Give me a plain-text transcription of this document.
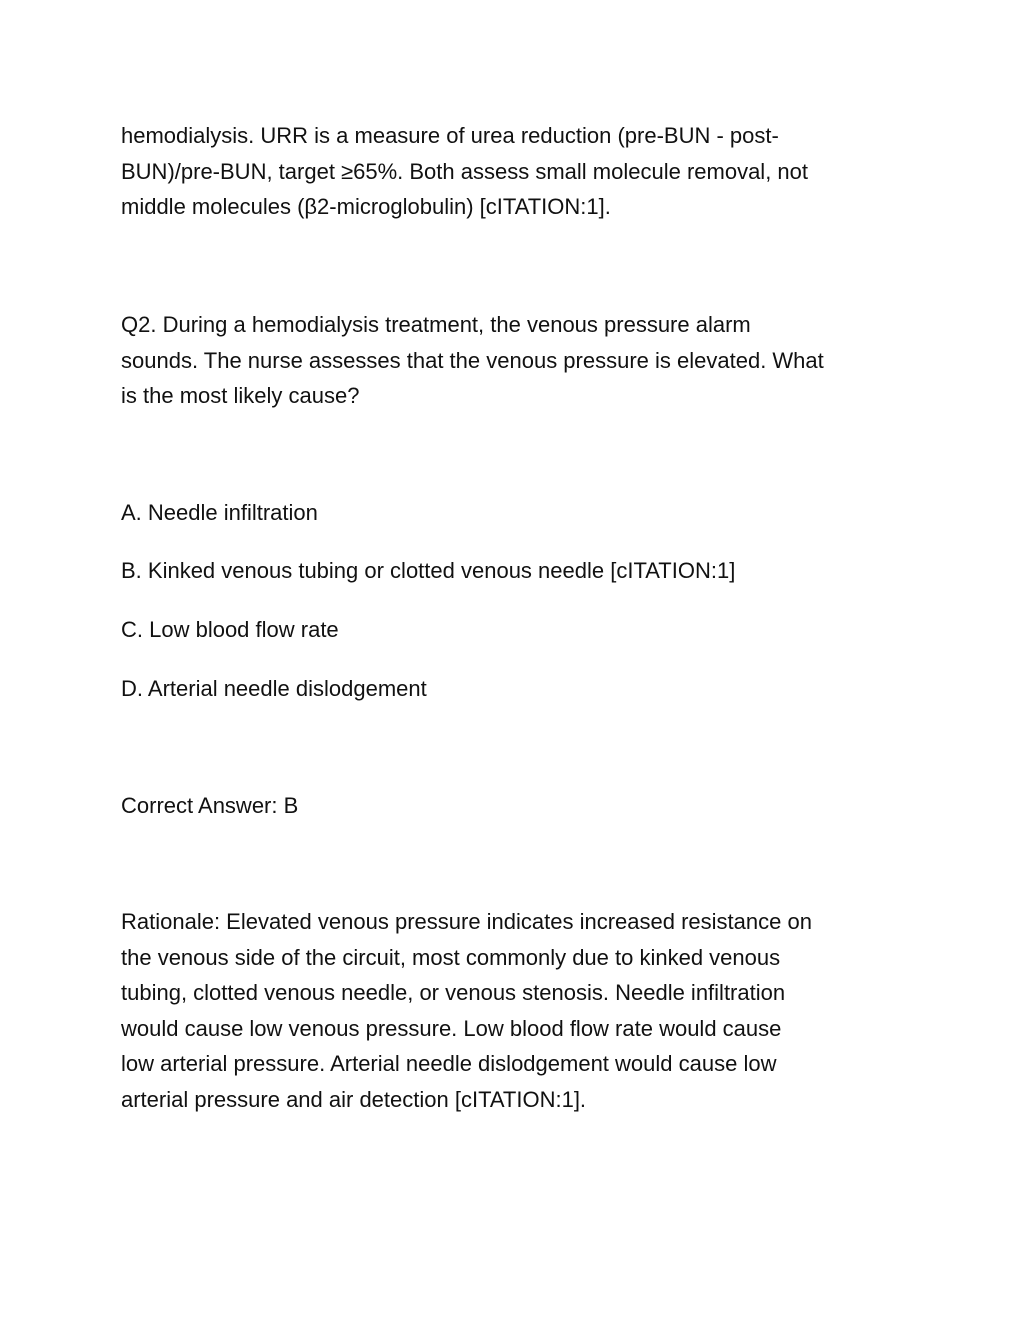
hemodialysis. URR is a measure of urea reduction (pre-BUN - post-
BUN)/pre-BUN, target ≥65%. Both assess small molecule removal, not
middle molecules (β2-microglobulin) [cITATION:1].
Q2. During a hemodialysis treatment, the venous pressure alarm
sounds. The nurse assesses that the venous pressure is elevated. What
is the most likely cause?
A. Needle infiltration
B. Kinked venous tubing or clotted venous needle [cITATION:1]
C. Low blood flow rate
D. Arterial needle dislodgement
Correct Answer: B
Rationale: Elevated venous pressure indicates increased resistance on
the venous side of the circuit, most commonly due to kinked venous
tubing, clotted venous needle, or venous stenosis. Needle infiltration
would cause low venous pressure. Low blood flow rate would cause
low arterial pressure. Arterial needle dislodgement would cause low
arterial pressure and air detection [cITATION:1].
